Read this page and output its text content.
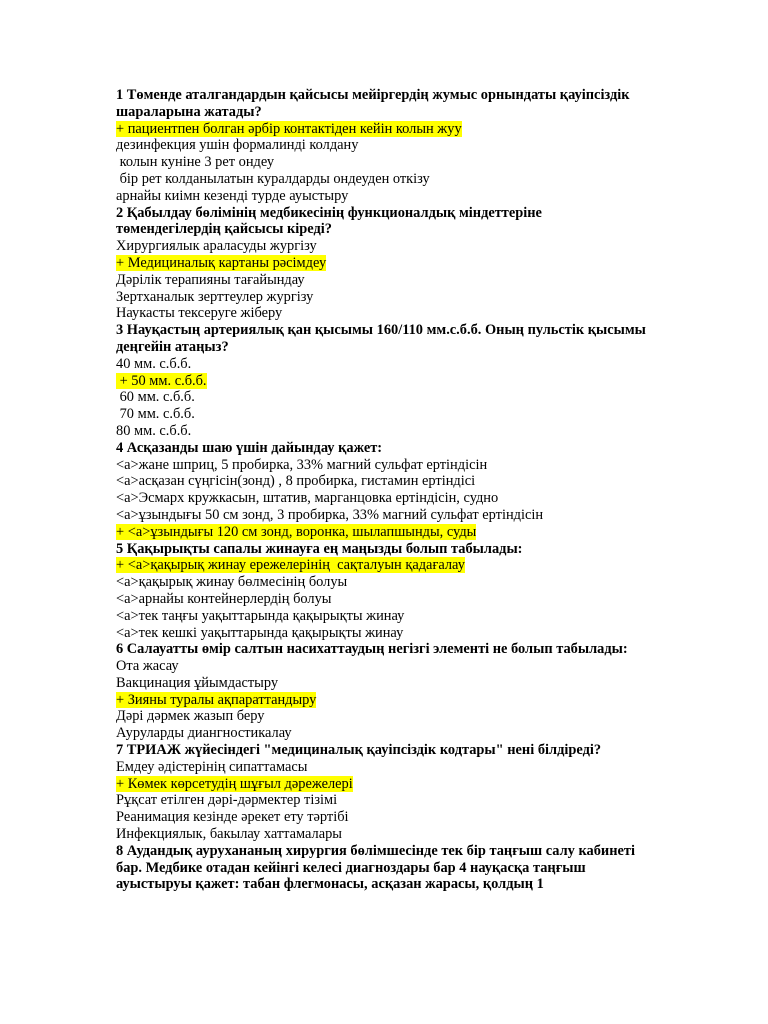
1 Төменде аталгандардын қайсысы мейіргердің жумыс орнындаты қауіпсіздік шараларына жатады?

+ пациентпен болган әрбір контактіден кейін колын жуу

дезинфекция ушін формалинді колдану

колын куніне 3 рет ондеу

бір рет колданылатын куралдарды ондеуден откізу

арнайы киімн кезенді турде ауыстыру

2 Қабылдау бөлімінің медбикесінің функционалдық міндеттеріне төмендегілердің қайсысы кіреді?

Хирургиялык араласуды жургізу

+ Медициналық картаны рәсімдеу

Дәрілік терапияны тағайындау

Зертханалык зерттеулер жургізу

Наукасты тексеруге жіберу

3 Науқастың артериялық қан қысымы 160/110 мм.с.б.б. Оның пульстік қысымы деңгейін атаңыз?

40 мм. с.б.б.

+ 50 мм. с.б.б.

60 мм. с.б.б.

70 мм. с.б.б.

80 мм. с.б.б.

4 Асқазанды шаю үшін дайындау қажет:

<a>жане шприц, 5 пробирка, 33% магний сульфат ертіндісін

<a>асқазан сүңгісін(зонд) , 8 пробирка, гистамин ертіндісі

<a>Эсмарх кружкасын, штатив, марганцовка ертіндісін, судно

<a>ұзындығы 50 см зонд, 3 пробирка, 33% магний сульфат ертіндісін

+ <a>ұзындығы 120 см зонд, воронка, шылапшынды, суды

5 Қақырықты сапалы жинауға ең маңызды болып табылады:

+ <a>қақырық жинау ережелерінің  сақталуын қадағалау

<a>қақырық жинау бөлмесінің болуы

<a>арнайы контейнерлердің болуы

<a>тек таңғы уақыттарында қақырықты жинау

<a>тек кешкі уақыттарында қақырықты жинау

6 Салауатты өмір салтын насихаттаудың негізгі элементі не болып табылады:

Ота жасау

Вакцинация ұйымдастыру

+ Зияны туралы ақпараттандыру

Дәрі дәрмек жазып беру

Ауруларды диангностикалау

7 ТРИАЖ жүйесіндегі "медициналық қауіпсіздік кодтары" нені білдіреді?

Емдеу әдістерінің сипаттамасы

+ Көмек көрсетудің шұғыл дәрежелері

Рұқсат етілген дәрі-дәрмектер тізімі

Реанимация кезінде әрекет ету тәртібі

Инфекциялык, бакылау хаттамалары

8 Аудандық аурухананың хирургия бөлімшесінде тек бір таңғыш салу кабинеті бар. Медбике отадан кейінгі келесі диагноздары бар 4 науқасқа таңғыш ауыстыруы қажет: табан флегмонасы, асқазан жарасы, қолдың 1
